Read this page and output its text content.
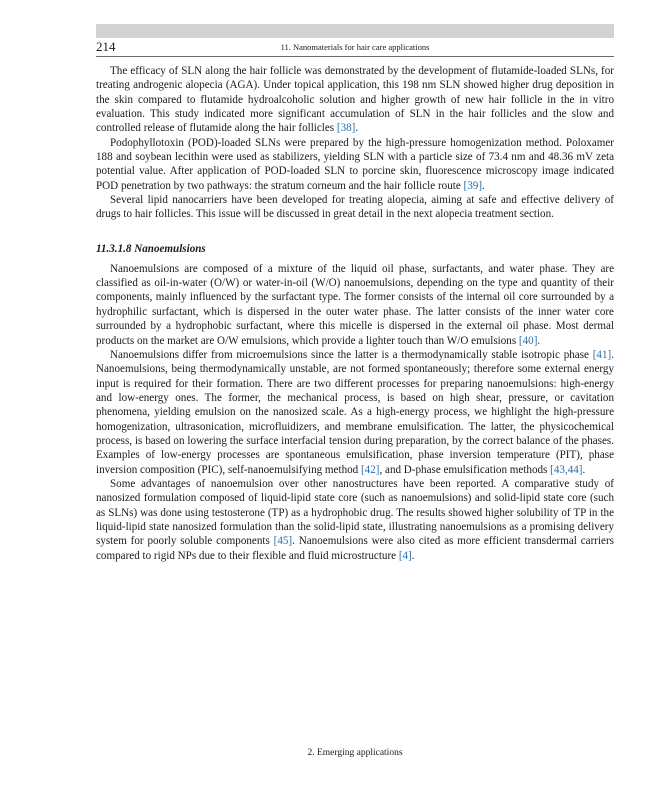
214	11. Nanomaterials for hair care applications

The efficacy of SLN along the hair follicle was demonstrated by the development of flutamide-loaded SLNs, for treating androgenic alopecia (AGA). Under topical application, this 198 nm SLN showed higher drug deposition in the skin compared to flutamide hydroalcoholic solution and higher growth of new hair follicle in the in vitro evaluation. This study indicated more significant accumulation of SLN in the hair follicles and the slow and controlled release of flutamide along the hair follicles [38].

Podophyllotoxin (POD)-loaded SLNs were prepared by the high-pressure homogenization method. Poloxamer 188 and soybean lecithin were used as stabilizers, yielding SLN with a particle size of 73.4 nm and 48.36 mV zeta potential value. After application of POD-loaded SLN to porcine skin, fluorescence microscopy image indicated POD penetration by two pathways: the stratum corneum and the hair follicle route [39].

Several lipid nanocarriers have been developed for treating alopecia, aiming at safe and effective delivery of drugs to hair follicles. This issue will be discussed in great detail in the next alopecia treatment section.

11.3.1.8 Nanoemulsions

Nanoemulsions are composed of a mixture of the liquid oil phase, surfactants, and water phase. They are classified as oil-in-water (O/W) or water-in-oil (W/O) nanoemulsions, depending on the type and quantity of their components, mainly influenced by the surfactant type. The former consists of the internal oil core surrounded by a hydrophilic surfactant, which is dispersed in the outer water phase. The latter consists of the inner water core surrounded by a hydrophobic surfactant, where this micelle is dispersed in the external oil phase. Most dermal products on the market are O/W emulsions, which provide a lighter touch than W/O emulsions [40].

Nanoemulsions differ from microemulsions since the latter is a thermodynamically stable isotropic phase [41]. Nanoemulsions, being thermodynamically unstable, are not formed spontaneously; therefore some external energy input is required for their formation. There are two different processes for preparing nanoemulsions: high-energy and low-energy ones. The former, the mechanical process, is based on high shear, pressure, or cavitation phenomena, yielding emulsion on the nanosized scale. As a high-energy process, we highlight the high-pressure homogenization, ultrasonication, microfluidizers, and membrane emulsification. The latter, the physicochemical process, is based on lowering the surface interfacial tension during preparation, by the correct balance of the phases. Examples of low-energy processes are spontaneous emulsification, phase inversion temperature (PIT), phase inversion composition (PIC), self-nanoemulsifying method [42], and D-phase emulsification methods [43,44].

Some advantages of nanoemulsion over other nanostructures have been reported. A comparative study of nanosized formulation composed of liquid-lipid state core (such as nanoemulsions) and solid-lipid state core (such as SLNs) was done using testosterone (TP) as a hydrophobic drug. The results showed higher solubility of TP in the liquid-lipid state nanosized formulation than the solid-lipid state, illustrating nanoemulsions as a promising delivery system for poorly soluble components [45]. Nanoemulsions were also cited as more efficient transdermal carriers compared to rigid NPs due to their flexible and fluid microstructure [4].

2. Emerging applications
